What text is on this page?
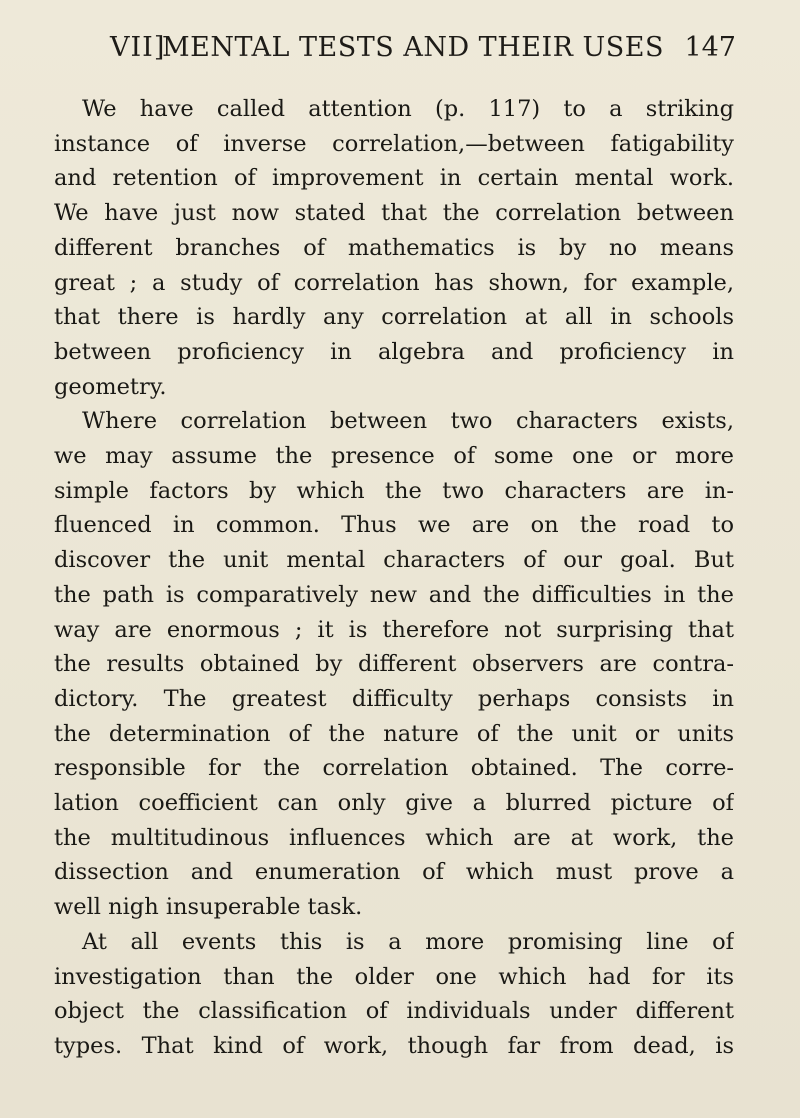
VII]
MENTAL TESTS AND THEIR USES 147
We have called attention (p. 117) to a striking
instance of inverse correlation,—between fatigability
and retention of improvement in certain mental work.
We have just now stated that the correlation between
different branches of mathematics is by no means
great ; a study of correlation has shown, for example,
that there is hardly any correlation at all in schools
between proficiency in algebra and proficiency in
geometry.
Where correlation between two characters exists,
we may assume the presence of some one or more
simple factors by which the two characters are in-
fluenced in common. Thus we are on the road to
discover the unit mental characters of our goal. But
the path is comparatively new and the difficulties in the
way are enormous ; it is therefore not surprising that
the results obtained by different observers are contra-
dictory. The greatest difficulty perhaps consists in
the determination of the nature of the unit or units
responsible for the correlation obtained. The corre-
lation coefficient can only give a blurred picture of
the multitudinous influences which are at work, the
dissection and enumeration of which must prove a
well nigh insuperable task.
At all events this is a more promising line of
investigation than the older one which had for its
object the classification of individuals under different
types. That kind of work, though far from dead, is
